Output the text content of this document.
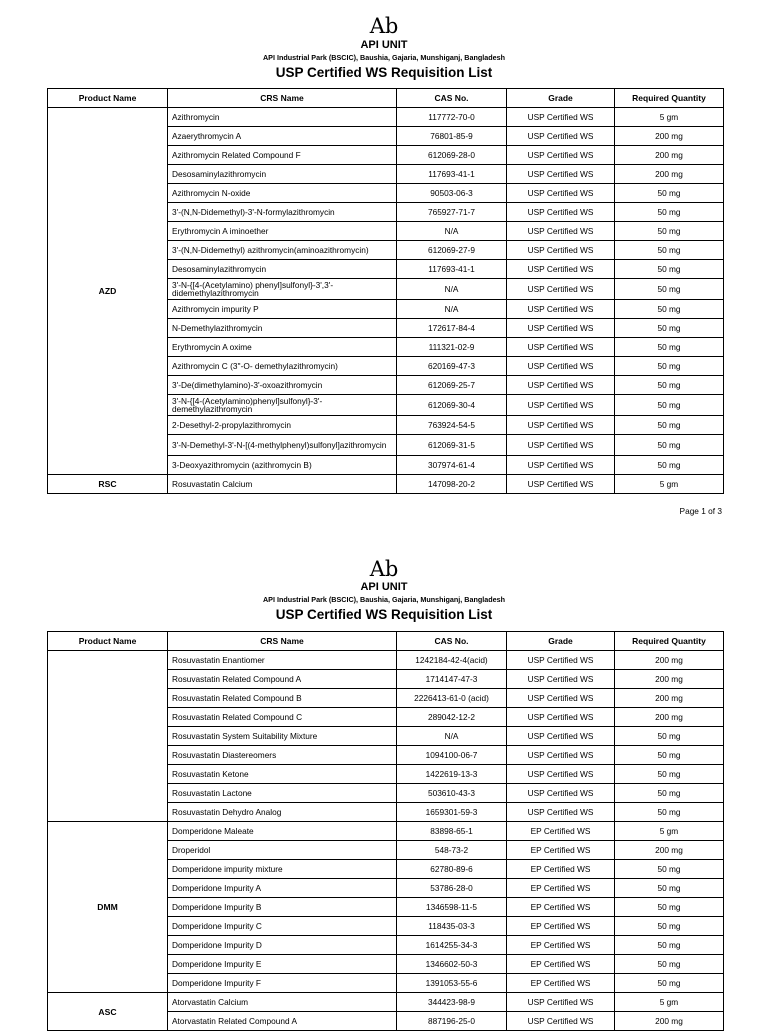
Ab
API UNIT
API Industrial Park (BSCIC), Baushia, Gajaria, Munshiganj, Bangladesh
USP Certified WS Requisition List
Product Name	CRS Name	CAS No.	Grade	Required Quantity
AZD	Azithromycin	117772-70-0	USP Certified WS	5 gm
	Azaerythromycin A	76801-85-9	USP Certified WS	200 mg
	Azithromycin Related Compound F	612069-28-0	USP Certified WS	200 mg
	Desosaminylazithromycin	117693-41-1	USP Certified WS	200 mg
	Azithromycin N-oxide	90503-06-3	USP Certified WS	50 mg
	3'-(N,N-Didemethyl)-3'-N-formylazithromycin	765927-71-7	USP Certified WS	50 mg
	Erythromycin A iminoether	N/A	USP Certified WS	50 mg
	3'-(N,N-Didemethyl) azithromycin(aminoazithromycin)	612069-27-9	USP Certified WS	50 mg
	Desosaminylazithromycin	117693-41-1	USP Certified WS	50 mg
	3'-N-{[4-(Acetylamino) phenyl]sulfonyl}-3',3'-didemethylazithromycin	N/A	USP Certified WS	50 mg
	Azithromycin impurity P	N/A	USP Certified WS	50 mg
	N-Demethylazithromycin	172617-84-4	USP Certified WS	50 mg
	Erythromycin A oxime	111321-02-9	USP Certified WS	50 mg
	Azithromycin C (3''-O- demethylazithromycin)	620169-47-3	USP Certified WS	50 mg
	3'-De(dimethylamino)-3'-oxoazithromycin	612069-25-7	USP Certified WS	50 mg
	3'-N-{[4-(Acetylamino)phenyl]sulfonyl}-3'-demethylazithromycin	612069-30-4	USP Certified WS	50 mg
	2-Desethyl-2-propylazithromycin	763924-54-5	USP Certified WS	50 mg
	3'-N-Demethyl-3'-N-[(4-methylphenyl)sulfonyl]azithromycin	612069-31-5	USP Certified WS	50 mg
	3-Deoxyazithromycin (azithromycin B)	307974-61-4	USP Certified WS	50 mg
RSC	Rosuvastatin Calcium	147098-20-2	USP Certified WS	5 gm
Page 1 of 3
Ab
API UNIT
API Industrial Park (BSCIC), Baushia, Gajaria, Munshiganj, Bangladesh
USP Certified WS Requisition List
Product Name	CRS Name	CAS No.	Grade	Required Quantity
	Rosuvastatin Enantiomer	1242184-42-4(acid)	USP Certified WS	200 mg
	Rosuvastatin Related Compound A	1714147-47-3	USP Certified WS	200 mg
	Rosuvastatin Related Compound B	2226413-61-0 (acid)	USP Certified WS	200 mg
	Rosuvastatin Related Compound C	289042-12-2	USP Certified WS	200 mg
	Rosuvastatin System Suitability Mixture	N/A	USP Certified WS	50 mg
	Rosuvastatin Diastereomers	1094100-06-7	USP Certified WS	50 mg
	Rosuvastatin Ketone	1422619-13-3	USP Certified WS	50 mg
	Rosuvastatin Lactone	503610-43-3	USP Certified WS	50 mg
	Rosuvastatin Dehydro Analog	1659301-59-3	USP Certified WS	50 mg
DMM	Domperidone Maleate	83898-65-1	EP Certified WS	5 gm
	Droperidol	548-73-2	EP Certified WS	200 mg
	Domperidone impurity mixture	62780-89-6	EP Certified WS	50 mg
	Domperidone Impurity A	53786-28-0	EP Certified WS	50 mg
	Domperidone Impurity B	1346598-11-5	EP Certified WS	50 mg
	Domperidone Impurity C	118435-03-3	EP Certified WS	50 mg
	Domperidone Impurity D	1614255-34-3	EP Certified WS	50 mg
	Domperidone Impurity E	1346602-50-3	EP Certified WS	50 mg
	Domperidone Impurity F	1391053-55-6	EP Certified WS	50 mg
ASC	Atorvastatin Calcium	344423-98-9	USP Certified WS	5 gm
	Atorvastatin Related Compound A	887196-25-0	USP Certified WS	200 mg
